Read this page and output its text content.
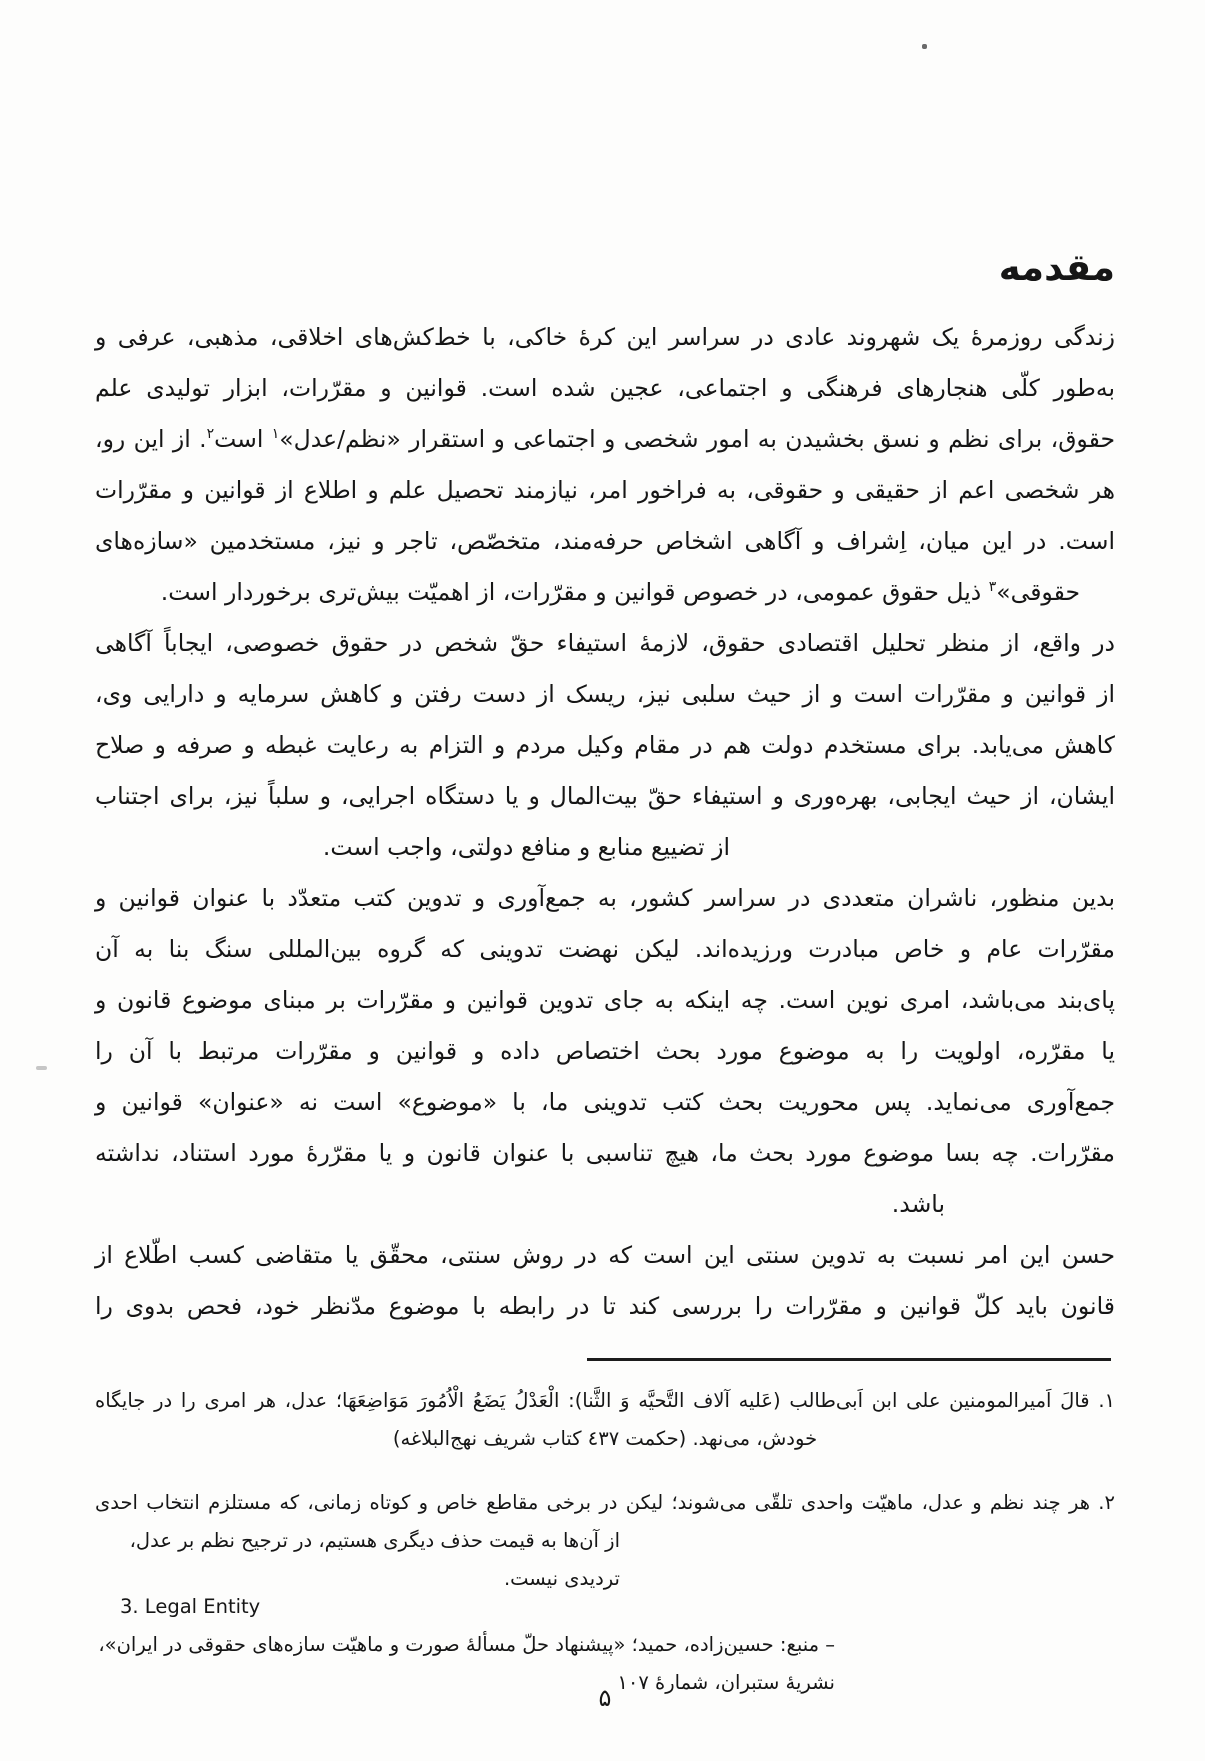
مقدمه
زندگی روزمرهٔ یک شهروند عادی در سراسر این کرهٔ خاکی، با خط‌کش‌های اخلاقی، مذهبی، عرفی و
به‌طور کلّی هنجارهای فرهنگی و اجتماعی، عجین شده است. قوانین و مقرّرات، ابزار تولیدی علم
حقوق، برای نظم و نسق بخشیدن به امور شخصی و اجتماعی و استقرار «نظم/عدل»$^۱$ است$^۲$. از این رو،
هر شخصی اعم از حقیقی و حقوقی، به فراخور امر، نیازمند تحصیل علم و اطلاع از قوانین و مقرّرات
است. در این میان، اِشراف و آگاهی اشخاص حرفه‌مند، متخصّص، تاجر و نیز، مستخدمین «سازه‌های
حقوقی»$^۳$ ذیل حقوق عمومی، در خصوص قوانین و مقرّرات، از اهمیّت بیش‌تری برخوردار است.
در واقع، از منظر تحلیل اقتصادی حقوق، لازمهٔ استیفاء حقّ شخص در حقوق خصوصی، ایجاباً آگاهی
از قوانین و مقرّرات است و از حیث سلبی نیز، ریسک از دست رفتن و کاهش سرمایه و دارایی وی،
کاهش می‌یابد. برای مستخدم دولت هم در مقام وکیل مردم و التزام به رعایت غبطه و صرفه و صلاح
ایشان، از حیث ایجابی، بهره‌وری و استیفاء حقّ بیت‌المال و یا دستگاه اجرایی، و سلباً نیز، برای اجتناب
از تضییع منابع و منافع دولتی، واجب است.
بدین منظور، ناشران متعددی در سراسر کشور، به جمع‌آوری و تدوین کتب متعدّد با عنوان قوانین و
مقرّرات عام و خاص مبادرت ورزیده‌اند. لیکن نهضت تدوینی که گروه بین‌المللی سنگ بنا به آن
پای‌بند می‌باشد، امری نوین است. چه اینکه به جای تدوین قوانین و مقرّرات بر مبنای موضوع قانون و
یا مقرّره، اولویت را به موضوع مورد بحث اختصاص داده و قوانین و مقرّرات مرتبط با آن را
جمع‌آوری می‌نماید. پس محوریت بحث کتب تدوینی ما، با «موضوع» است نه «عنوان» قوانین و
مقرّرات. چه بسا موضوع مورد بحث ما، هیچ تناسبی با عنوان قانون و یا مقرّرهٔ مورد استناد، نداشته
باشد.
حسن این امر نسبت به تدوین سنتی این است که در روش سنتی، محقّق یا متقاضی کسب اطّلاع از
قانون باید کلّ قوانین و مقرّرات را بررسی کند تا در رابطه با موضوع مدّنظر خود، فحص بدوی را
۱. قالَ اَمیرالمومنین علی ابن اَبی‌طالب (عَلیه آلاف التَّحیَّه وَ الثَّنا): الْعَدْلُ یَضَعُ الْاُمُورَ مَوَاضِعَهَا؛ عدل، هر امری را در جایگاه
خودش، می‌نهد. (حکمت ٤٣٧ کتاب شریف نهج‌البلاغه)
۲. هر چند نظم و عدل، ماهیّت واحدی تلقّی می‌شوند؛ لیکن در برخی مقاطع خاص و کوتاه زمانی، که مستلزم انتخاب احدی
از آن‌ها به قیمت حذف دیگری هستیم، در ترجیح نظم بر عدل، تردیدی نیست.
3. Legal Entity
– منبع: حسین‌زاده، حمید؛ «پیشنهاد حلّ مسألهٔ صورت و ماهیّت سازه‌های حقوقی در ایران»، نشریهٔ ستبران، شمارهٔ ۱۰۷
۵
